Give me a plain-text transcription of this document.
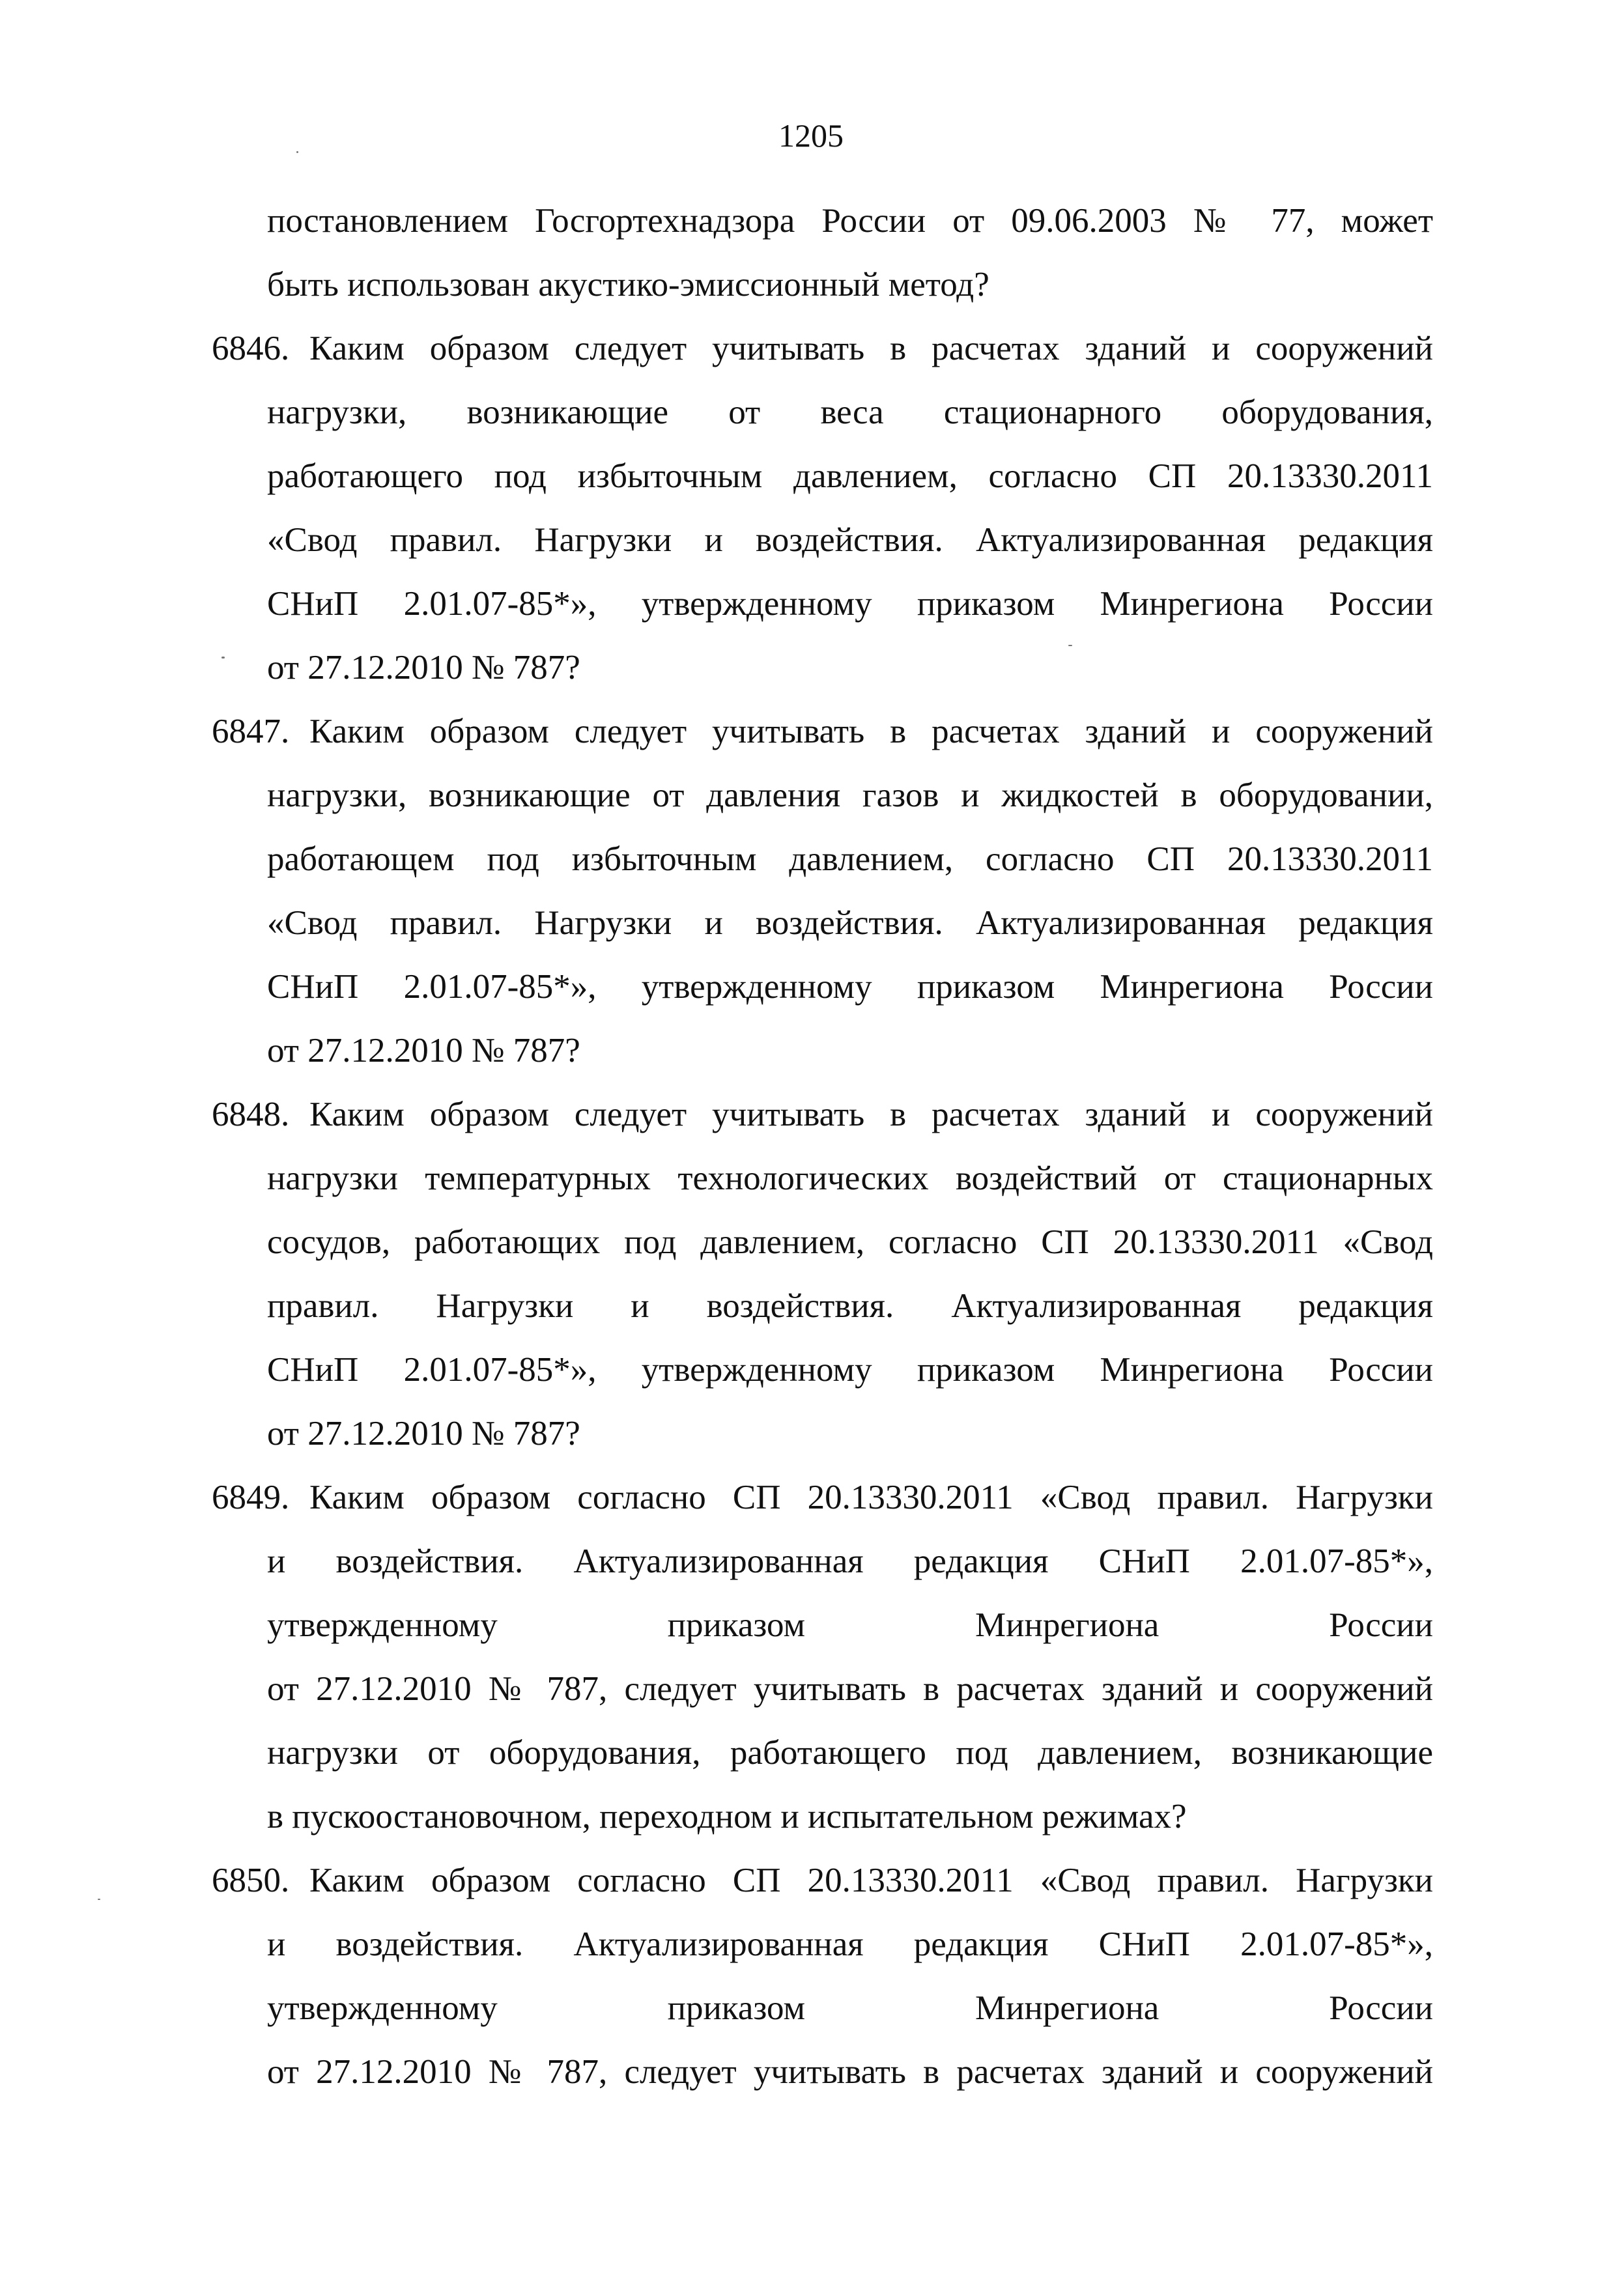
1205
постановлением Госгортехнадзора России от 09.06.2003 № 77, может
быть использован акустико-эмиссионный метод?
6846. Каким образом следует учитывать в расчетах зданий и сооружений
нагрузки, возникающие от веса стационарного оборудования,
работающего под избыточным давлением, согласно СП 20.13330.2011
«Свод правил. Нагрузки и воздействия. Актуализированная редакция
СНиП 2.01.07-85*», утвержденному приказом Минрегиона России
от 27.12.2010 № 787?
6847. Каким образом следует учитывать в расчетах зданий и сооружений
нагрузки, возникающие от давления газов и жидкостей в оборудовании,
работающем под избыточным давлением, согласно СП 20.13330.2011
«Свод правил. Нагрузки и воздействия. Актуализированная редакция
СНиП 2.01.07-85*», утвержденному приказом Минрегиона России
от 27.12.2010 № 787?
6848. Каким образом следует учитывать в расчетах зданий и сооружений
нагрузки температурных технологических воздействий от стационарных
сосудов, работающих под давлением, согласно СП 20.13330.2011 «Свод
правил. Нагрузки и воздействия. Актуализированная редакция
СНиП 2.01.07-85*», утвержденному приказом Минрегиона России
от 27.12.2010 № 787?
6849. Каким образом согласно СП 20.13330.2011 «Свод правил. Нагрузки
и воздействия. Актуализированная редакция СНиП 2.01.07-85*»,
утвержденному приказом Минрегиона России
от 27.12.2010 № 787, следует учитывать в расчетах зданий и сооружений
нагрузки от оборудования, работающего под давлением, возникающие
в пускоостановочном, переходном и испытательном режимах?
6850. Каким образом согласно СП 20.13330.2011 «Свод правил. Нагрузки
и воздействия. Актуализированная редакция СНиП 2.01.07-85*»,
утвержденному приказом Минрегиона России
от 27.12.2010 № 787, следует учитывать в расчетах зданий и сооружений
